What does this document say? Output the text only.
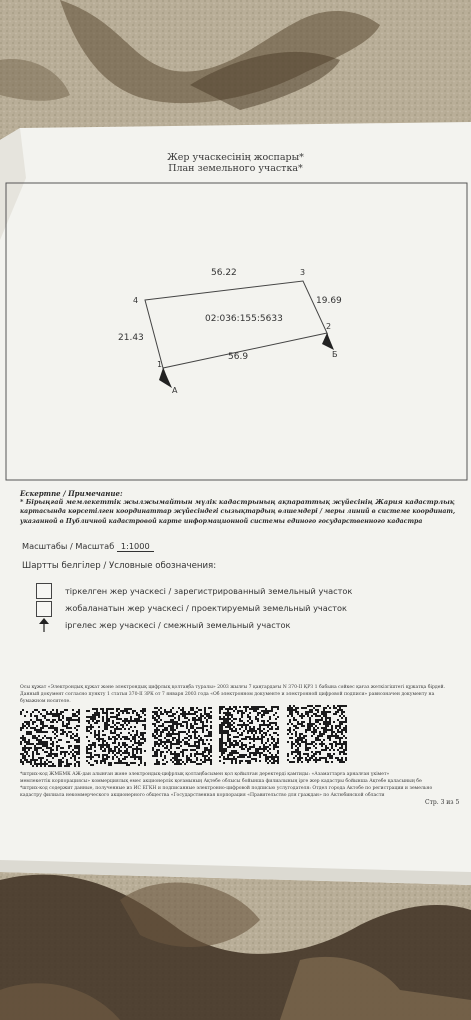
Жер учаскесінің жоспары*
План земельного участка*
56.22
19.69
56.9
21.43
02:036:155:5633
1
2
3
4
А
Б
Ескертпе / Примечание:
* Бірыңғай мемлекеттік жылжымайтын мүлік кадастрының ақпараттық жүйесінің Жария кадастрлық
картасында көрсетілген координаттар жүйесіндегі сызықтардың өлшемдері / меры линий в системе координат,
указанной в Публичной кадастровой карте информационной системы единого государственного кадастра
Масштабы / Масштаб 1:1000
Шартты белгілер / Условные обозначения:
тіркелген жер учаскесі / зарегистрированный земельный участок
жобаланатын жер учаскесі / проектируемый земельный участок
іргелес жер учаскесі / смежный земельный участок
Осы құжат «Электрондық құжат және электрондық цифрлық қолтаңба туралы» 2003 жылғы 7 қаңтардағы N 370-II ҚРЗ 1 бабына сәйкес қағаз жеткізгіштегі құжатқа бірдей.
Данный документ согласно пункту 1 статьи 370-II ЗРК от 7 января 2003 года «Об электронном документе и электронной цифровой подписи» равнозначен документу на
бумажном носителе.
*штрих-код ЖМБМК АЖ-дан алынған және электрондық-цифрлық қолтаңбасымен қол қойылған деректерді қамтиды: «Азаматтарға арналған үкімет»
мемлекеттік корпорациясы» коммерциялық емес акционерлік қоғамының Ақтөбе облысы бойынша филиалының ірге жер кадастры бойынша Ақтөбе қаласының бө
*штрих-код содержит данные, полученные из ИС ЕГКН и подписанные электронно-цифровой подписью услугодателя: Отдел города Актобе по регистрации и земельно
кадастру филиала некоммерческого акционерного общества «Государственная корпорация «Правительство для граждан» по Актюбинской области
Стр. 3 из 5
